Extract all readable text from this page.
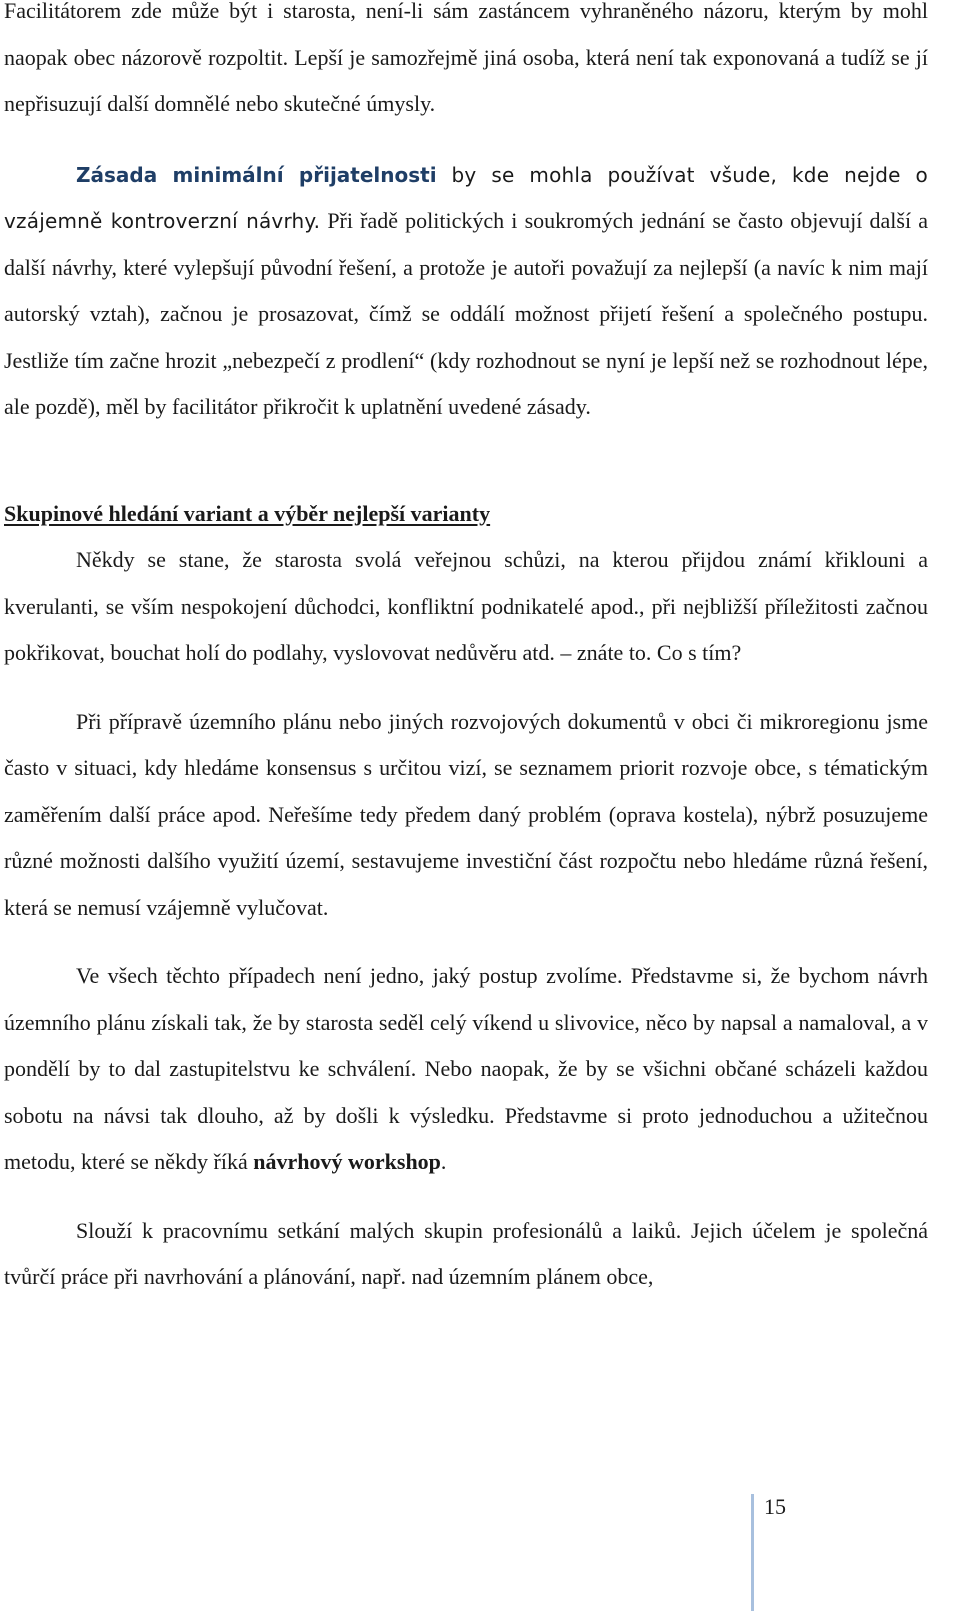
Facilitátorem zde může být i starosta, není-li sám zastáncem vyhraněného názoru, kterým by mohl naopak obec názorově rozpoltit. Lepší je samozřejmě jiná osoba, která není tak exponovaná a tudíž se jí nepřisuzují další domnělé nebo skutečné úmysly.

Zásada minimální přijatelnosti by se mohla používat všude, kde nejde o vzájemně kontroverzní návrhy. Při řadě politických i soukromých jednání se často objevují další a další návrhy, které vylepšují původní řešení, a protože je autoři považují za nejlepší (a navíc k nim mají autorský vztah), začnou je prosazovat, čímž se oddálí možnost přijetí řešení a společného postupu. Jestliže tím začne hrozit „nebezpečí z prodlení“ (kdy rozhodnout se nyní je lepší než se rozhodnout lépe, ale pozdě), měl by facilitátor přikročit k uplatnění uvedené zásady.

Skupinové hledání variant a výběr nejlepší varianty

Někdy se stane, že starosta svolá veřejnou schůzi, na kterou přijdou známí křiklouni a kverulanti, se vším nespokojení důchodci, konfliktní podnikatelé apod., při nejbližší příležitosti začnou pokřikovat, bouchat holí do podlahy, vyslovovat nedůvěru atd. – znáte to. Co s tím?

Při přípravě územního plánu nebo jiných rozvojových dokumentů v obci či mikroregionu jsme často v situaci, kdy hledáme konsensus s určitou vizí, se seznamem priorit rozvoje obce, s tématickým zaměřením další práce apod. Neřešíme tedy předem daný problém (oprava kostela), nýbrž posuzujeme různé možnosti dalšího využití území, sestavujeme investiční část rozpočtu nebo hledáme různá řešení, která se nemusí vzájemně vylučovat.

Ve všech těchto případech není jedno, jaký postup zvolíme. Představme si, že bychom návrh územního plánu získali tak, že by starosta seděl celý víkend u slivovice, něco by napsal a namaloval, a v pondělí by to dal zastupitelstvu ke schválení. Nebo naopak, že by se všichni občané scházeli každou sobotu na návsi tak dlouho, až by došli k výsledku. Představme si proto jednoduchou a užitečnou metodu, které se někdy říká návrhový workshop.

Slouží k pracovnímu setkání malých skupin profesionálů a laiků. Jejich účelem je společná tvůrčí práce při navrhování a plánování, např. nad územním plánem obce,

15
